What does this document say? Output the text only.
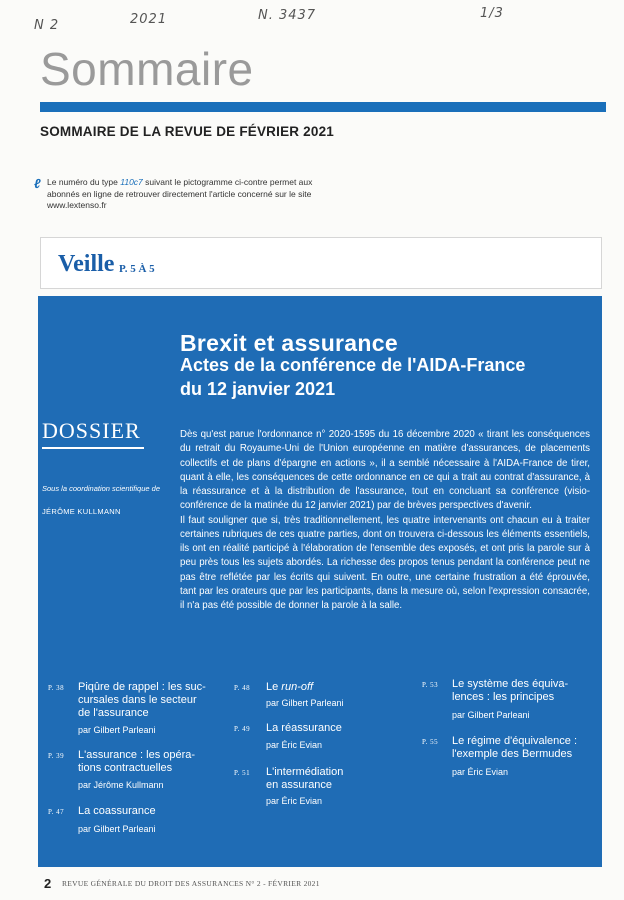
N 2	2021	N. 3437	1/3
Sommaire
SOMMAIRE DE LA REVUE DE FÉVRIER 2021
ℓ Le numéro du type 110c7 suivant le pictogramme ci-contre permet aux abonnés en ligne de retrouver directement l'article concerné sur le site www.lextenso.fr
Veille P. 5 À 5
Brexit et assurance
Actes de la conférence de l'AIDA-France
du 12 janvier 2021
DOSSIER
Sous la coordination scientifique de
JÉRÔME KULLMANN

Dès qu'est parue l'ordonnance n° 2020-1595 du 16 décembre 2020 « tirant les conséquences du retrait du Royaume-Uni de l'Union européenne en matière d'assurances, de placements collectifs et de plans d'épargne en actions », il a semblé nécessaire à l'AIDA-France de tirer, quant à elle, les conséquences de cette ordonnance en ce qui a trait au contrat d'assurance, à la réassurance et à la distribution de l'assurance, tout en concluant sa conférence (visio-conférence de la matinée du 12 janvier 2021) par de brèves perspectives d'avenir.

Il faut souligner que si, très traditionnellement, les quatre intervenants ont chacun eu à traiter certaines rubriques de ces quatre parties, dont on trouvera ci-dessous les éléments essentiels, ils ont en réalité participé à l'élaboration de l'ensemble des exposés, et ont pris la parole sur à peu près tous les sujets abordés. La richesse des propos tenus pendant la conférence peut ne pas être reflétée par les écrits qui suivent. En outre, une certaine frustration a été éprouvée, tant par les orateurs que par les participants, dans la mesure où, selon l'expression consacrée, il n'a pas été possible de donner la parole à la salle.

P. 38 Piqûre de rappel : les suc-
cursales dans le secteur
de l'assurance
par Gilbert Parleani
P. 39 L'assurance : les opéra-
tions contractuelles
par Jérôme Kullmann
P. 47 La coassurance
par Gilbert Parleani
P. 48 Le run-off
par Gilbert Parleani
P. 49 La réassurance
par Éric Evian
P. 51 L'intermédiation
en assurance
par Éric Evian
P. 53 Le système des équiva-
lences : les principes
par Gilbert Parleani
P. 55 Le régime d'équivalence :
l'exemple des Bermudes
par Éric Evian
2 REVUE GÉNÉRALE DU DROIT DES ASSURANCES N° 2 - FÉVRIER 2021
